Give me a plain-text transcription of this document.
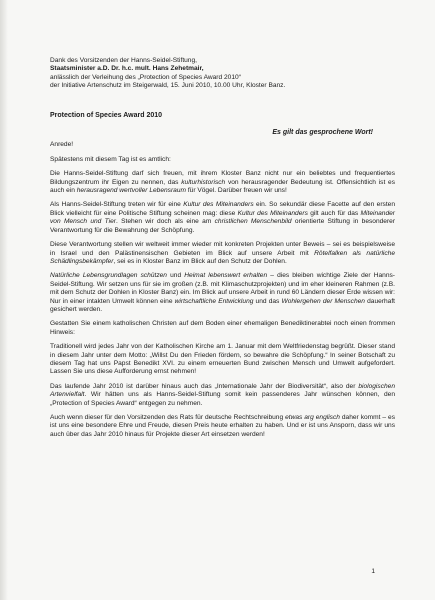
Dank des Vorsitzenden der Hanns-Seidel-Stiftung,

Staatsminister a.D. Dr. h.c. mult. Hans Zehetmair,

anlässlich der Verleihung des „Protection of Species Award 2010“

der Initiative Artenschutz im Steigerwald, 15. Juni 2010, 10.00 Uhr, Kloster Banz.

Protection of Species Award 2010

Es gilt das gesprochene Wort!

Anrede!

Spätestens mit diesem Tag ist es amtlich:

Die Hanns-Seidel-Stiftung darf sich freuen, mit ihrem Kloster Banz nicht nur ein beliebtes und frequentiertes Bildungszentrum ihr Eigen zu nennen, das kulturhistorisch von herausragender Bedeutung ist. Offensichtlich ist es auch ein herausragend wertvoller Lebensraum für Vögel. Darüber freuen wir uns!

Als Hanns-Seidel-Stiftung treten wir für eine Kultur des Miteinanders ein. So sekundär diese Facette auf den ersten Blick vielleicht für eine Politische Stiftung scheinen mag: diese Kultur des Miteinanders gilt auch für das Miteinander von Mensch und Tier. Stehen wir doch als eine am christlichen Menschenbild orientierte Stiftung in besonderer Verantwortung für die Bewahrung der Schöpfung.

Diese Verantwortung stellen wir weltweit immer wieder mit konkreten Projekten unter Beweis – sei es beispielsweise in Israel und den Palästinensischen Gebieten im Blick auf unsere Arbeit mit Rötelfalken als natürliche Schädlingsbekämpfer, sei es in Kloster Banz im Blick auf den Schutz der Dohlen.

Natürliche Lebensgrundlagen schützen und Heimat lebenswert erhalten – dies bleiben wichtige Ziele der Hanns-Seidel-Stiftung. Wir setzen uns für sie im großen (z.B. mit Klimaschutzprojekten) und im eher kleineren Rahmen (z.B. mit dem Schutz der Dohlen in Kloster Banz) ein. Im Blick auf unsere Arbeit in rund 60 Ländern dieser Erde wissen wir: Nur in einer intakten Umwelt können eine wirtschaftliche Entwicklung und das Wohlergehen der Menschen dauerhaft gesichert werden.

Gestatten Sie einem katholischen Christen auf dem Boden einer ehemaligen Benediktinerabtei noch einen frommen Hinweis:

Traditionell wird jedes Jahr von der Katholischen Kirche am 1. Januar mit dem Weltfriedenstag begrüßt. Dieser stand in diesem Jahr unter dem Motto: „Willst Du den Frieden fördern, so bewahre die Schöpfung.“ In seiner Botschaft zu diesem Tag hat uns Papst Benedikt XVI. zu einem erneuerten Bund zwischen Mensch und Umwelt aufgefordert. Lassen Sie uns diese Aufforderung ernst nehmen!

Das laufende Jahr 2010 ist darüber hinaus auch das „Internationale Jahr der Biodiversität“, also der biologischen Artenvielfalt. Wir hätten uns als Hanns-Seidel-Stiftung somit kein passenderes Jahr wünschen können, den „Protection of Species Award“ entgegen zu nehmen.

Auch wenn dieser für den Vorsitzenden des Rats für deutsche Rechtschreibung etwas arg englisch daher kommt – es ist uns eine besondere Ehre und Freude, diesen Preis heute erhalten zu haben. Und er ist uns Ansporn, dass wir uns auch über das Jahr 2010 hinaus für Projekte dieser Art einsetzen werden!

1
